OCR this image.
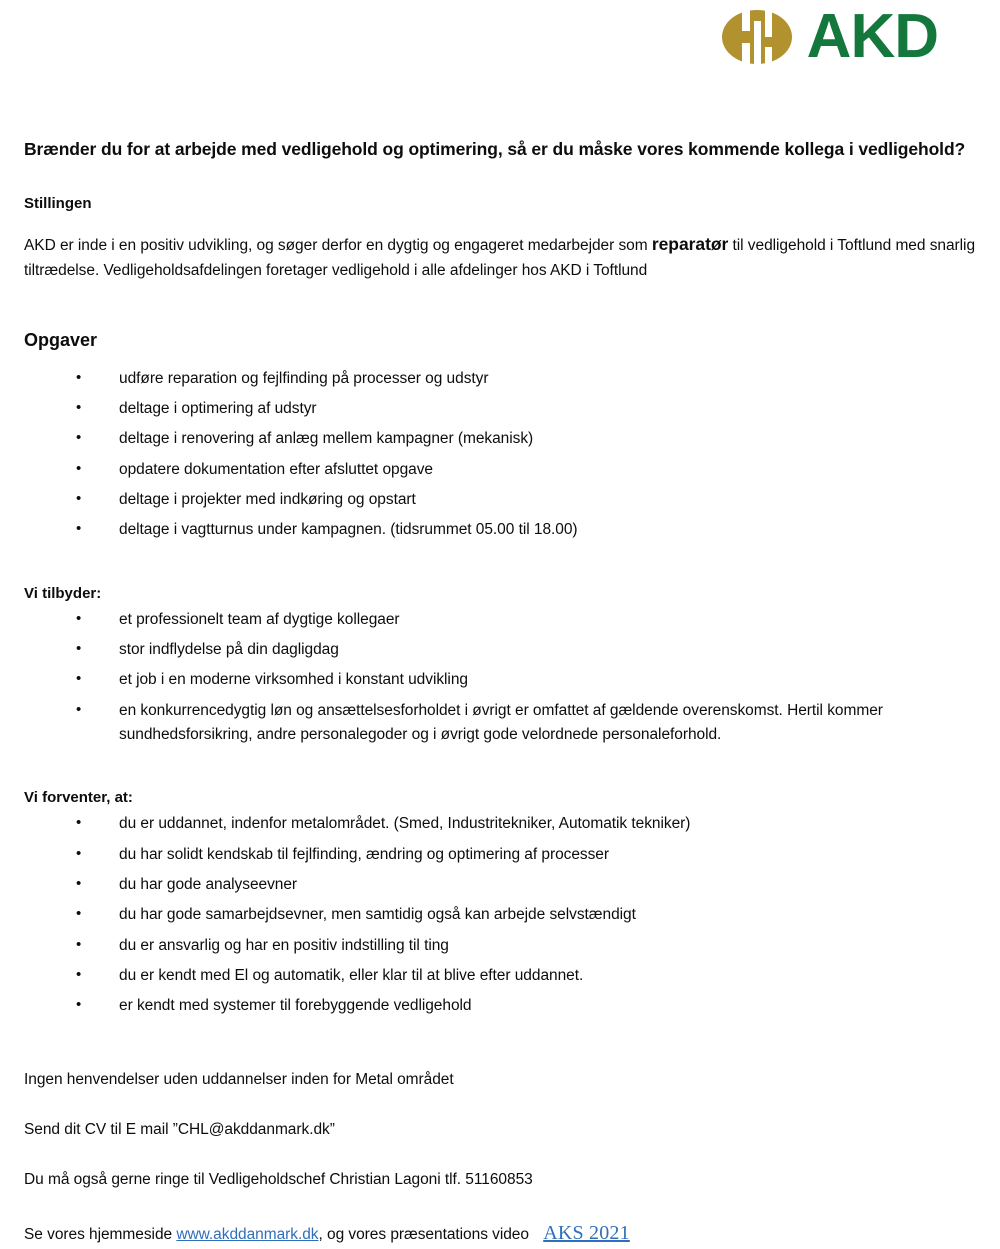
AKD
Brænder du for at arbejde med vedligehold og optimering, så er du måske vores kommende kollega i vedligehold?
Stillingen

AKD er inde i en positiv udvikling, og søger derfor en dygtig og engageret medarbejder som reparatør til vedligehold i Toftlund med snarlig tiltrædelse. Vedligeholdsafdelingen foretager vedligehold i alle afdelinger hos AKD i Toftlund

Opgaver
• udføre reparation og fejlfinding på processer og udstyr
• deltage i optimering af udstyr
• deltage i renovering af anlæg mellem kampagner (mekanisk)
• opdatere dokumentation efter afsluttet opgave
• deltage i projekter med indkøring og opstart
• deltage i vagtturnus under kampagnen. (tidsrummet 05.00 til 18.00)
Vi tilbyder:
• et professionelt team af dygtige kollegaer
• stor indflydelse på din dagligdag
• et job i en moderne virksomhed i konstant udvikling
• en konkurrencedygtig løn og ansættelsesforholdet i øvrigt er omfattet af gældende overenskomst. Hertil kommer sundhedsforsikring, andre personalegoder og i øvrigt gode velordnede personaleforhold.
Vi forventer, at:
• du er uddannet, indenfor metalområdet. (Smed, Industritekniker, Automatik tekniker)
• du har solidt kendskab til fejlfinding, ændring og optimering af processer
• du har gode analyseevner
• du har gode samarbejdsevner, men samtidig også kan arbejde selvstændigt
• du er ansvarlig og har en positiv indstilling til ting
• du er kendt med El og automatik, eller klar til at blive efter uddannet.
• er kendt med systemer til forebyggende vedligehold

Ingen henvendelser uden uddannelser inden for Metal området

Send dit CV til E mail ”CHL@akddanmark.dk”

Du må også gerne ringe til Vedligeholdschef Christian Lagoni tlf. 51160853

Se vores hjemmeside www.akddanmark.dk, og vores præsentations video AKS 2021
